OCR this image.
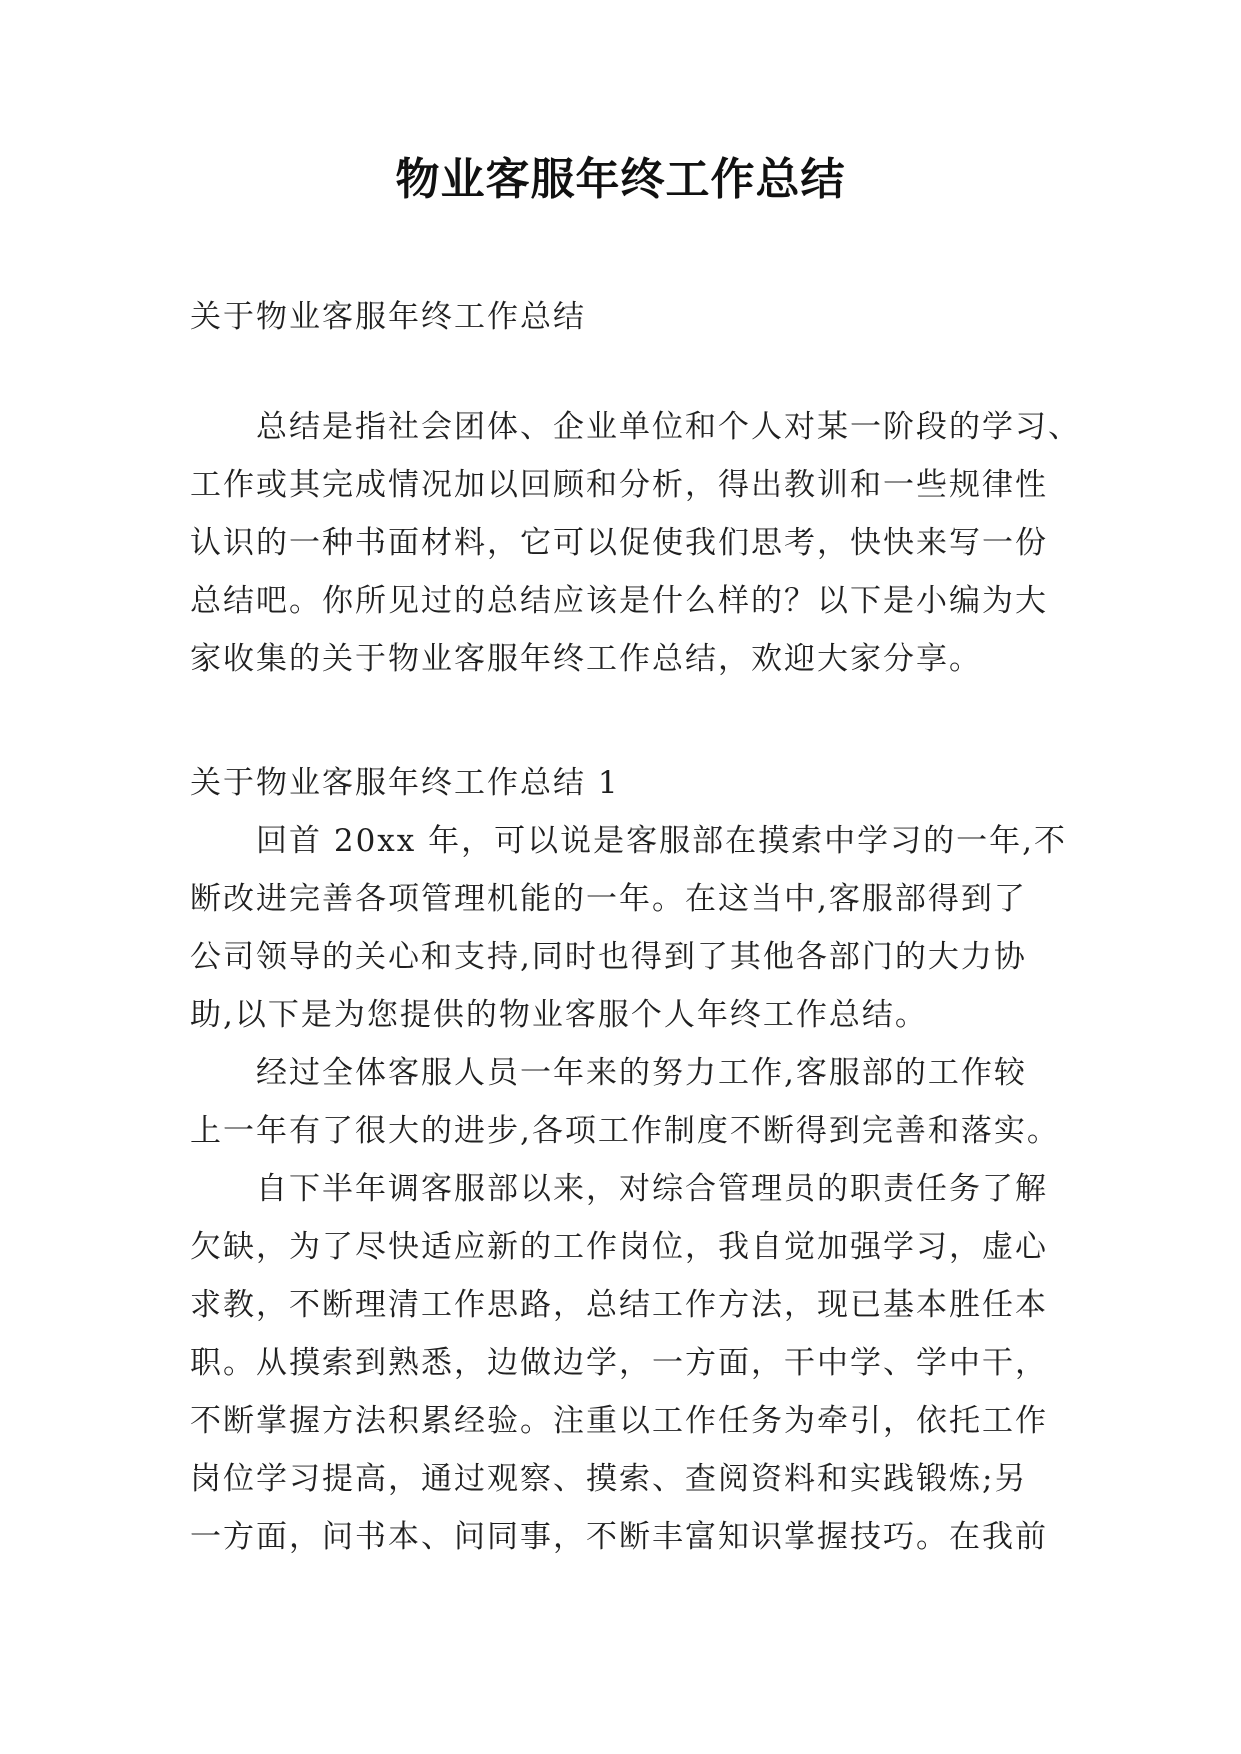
物业客服年终工作总结
关于物业客服年终工作总结
　　总结是指社会团体、企业单位和个人对某一阶段的学习、
工作或其完成情况加以回顾和分析，得出教训和一些规律性
认识的一种书面材料，它可以促使我们思考，快快来写一份
总结吧。你所见过的总结应该是什么样的？以下是小编为大
家收集的关于物业客服年终工作总结，欢迎大家分享。
关于物业客服年终工作总结 1
　　回首 20xx 年，可以说是客服部在摸索中学习的一年,不
断改进完善各项管理机能的一年。在这当中,客服部得到了
公司领导的关心和支持,同时也得到了其他各部门的大力协
助,以下是为您提供的物业客服个人年终工作总结。
　　经过全体客服人员一年来的努力工作,客服部的工作较
上一年有了很大的进步,各项工作制度不断得到完善和落实。
　　自下半年调客服部以来，对综合管理员的职责任务了解
欠缺，为了尽快适应新的工作岗位，我自觉加强学习，虚心
求教，不断理清工作思路，总结工作方法，现已基本胜任本
职。从摸索到熟悉，边做边学，一方面，干中学、学中干，
不断掌握方法积累经验。注重以工作任务为牵引，依托工作
岗位学习提高，通过观察、摸索、查阅资料和实践锻炼;另
一方面，问书本、问同事，不断丰富知识掌握技巧。在我前
